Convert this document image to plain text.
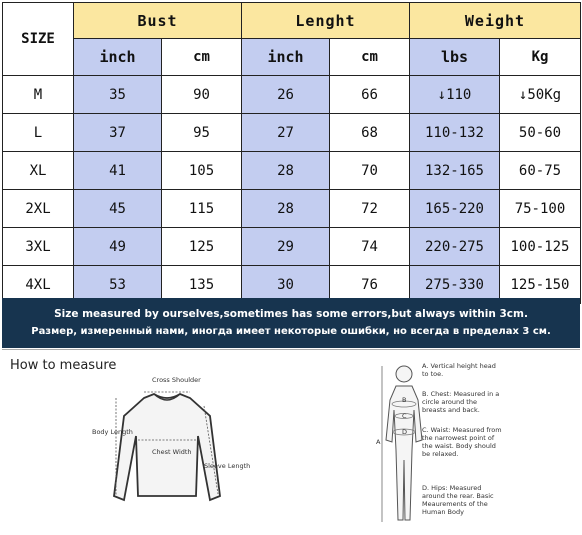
SIZE	Bust		Lenght		Weight	
	inch	cm	inch	cm	lbs	Kg
M	35	90	26	66	↓110	↓50Kg
L	37	95	27	68	110-132	50-60
XL	41	105	28	70	132-165	60-75
2XL	45	115	28	72	165-220	75-100
3XL	49	125	29	74	220-275	100-125
4XL	53	135	30	76	275-330	125-150
Size measured by ourselves,sometimes has some errors,but always within 3cm.
Размер, измеренный нами, иногда имеет некоторые ошибки, но всегда в пределах 3 см.
How to measure
Cross Shoulder
Body Length
Chest Width
Sleeve Length
A
B
C
D
A. Vertical height head to toe.
B. Chest: Measured in a circle around the breasts and back.
C. Waist: Measured from the narrowest point of the waist. Body should be relaxed.
D. Hips: Measured around the rear. Basic Meaurements of the Human Body
